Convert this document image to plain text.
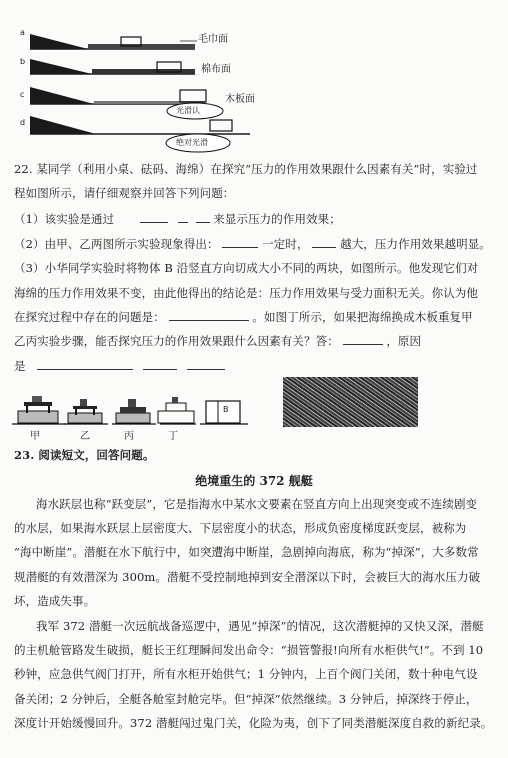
a
b
c
d
毛巾面
棉布面
木板面
光滑认
绝对光滑
22. 某同学（利用小桌、砝码、海绵）在探究“压力的作用效果跟什么因素有关”时，实验过
程如图所示，请仔细观察并回答下列问题：
（1）该实验是通过	来显示压力的作用效果；
（2）由甲、乙两图所示实验现象得出：	一定时，	越大，压力作用效果越明显。
（3）小华同学实验时将物体 B 沿竖直方向切成大小不同的两块，如图所示。他发现它们对
海绵的压力作用效果不变，由此他得出的结论是：压力作用效果与受力面积无关。你认为他
在探究过程中存在的问题是：	。如图丁所示，如果把海绵换成木板重复甲
乙丙实验步骤，能否探究压力的作用效果跟什么因素有关？答：	，原因
是
甲	乙	丙	丁
B
23. 阅读短文，回答问题。
绝境重生的 372 舰艇
海水跃层也称“跃变层”，它是指海水中某水文要素在竖直方向上出现突变或不连续剧变
的水层，如果海水跃层上层密度大、下层密度小的状态，形成负密度梯度跃变层，被称为
“海中断崖”。潜艇在水下航行中，如突遭海中断崖，急剧掉向海底，称为“掉深”，大多数常
规潜艇的有效潜深为 300m。潜艇不受控制地掉到安全潜深以下时，会被巨大的海水压力破
坏，造成失事。
我军 372 潜艇一次远航战备巡逻中，遇见“掉深”的情况，这次潜艇掉的又快又深，潜艇
的主机舱管路发生破损，艇长王红理瞬间发出命令：“损管警报!向所有水柜供气!”。不到 10
秒钟，应急供气阀门打开，所有水柜开始供气；1 分钟内，上百个阀门关闭，数十种电气设
备关闭；2 分钟后，全艇各舱室封舱完毕。但“掉深”依然继续。3 分钟后，掉深终于停止，
深度计开始缓慢回升。372 潜艇闯过鬼门关，化险为夷，创下了同类潜艇深度自救的新纪录。
